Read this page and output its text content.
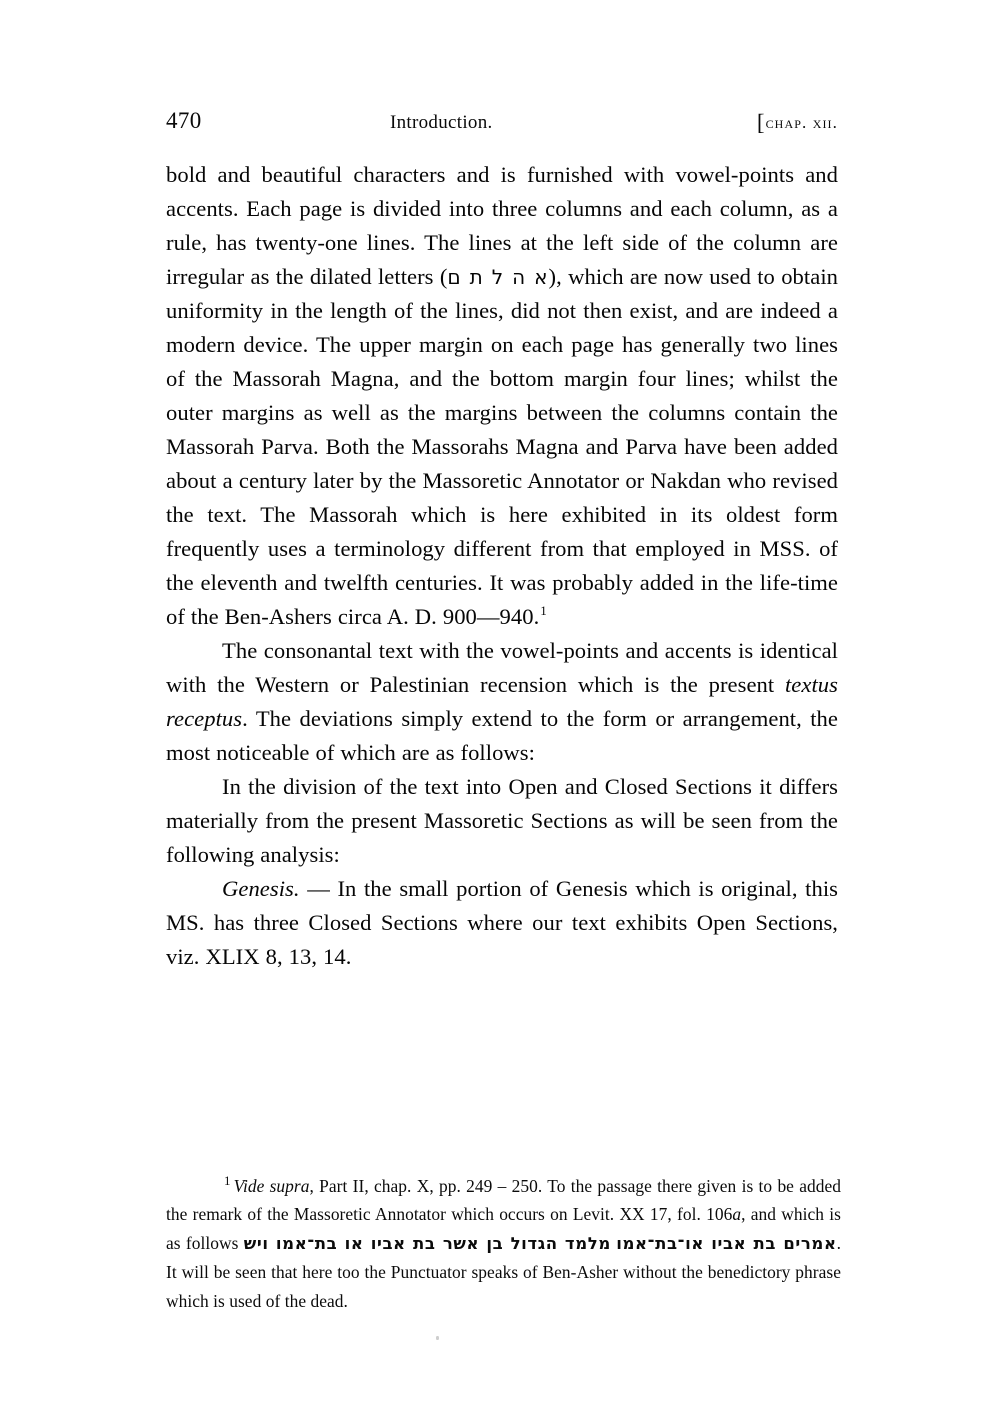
470	Introduction.	[chap. xii.

bold and beautiful characters and is furnished with vowel-points and accents. Each page is divided into three columns and each column, as a rule, has twenty-one lines. The lines at the left side of the column are irregular as the dilated letters (א ה ל ת ם), which are now used to obtain uniformity in the length of the lines, did not then exist, and are indeed a modern device. The upper margin on each page has generally two lines of the Massorah Magna, and the bottom margin four lines; whilst the outer margins as well as the margins between the columns contain the Massorah Parva. Both the Massorahs Magna and Parva have been added about a century later by the Massoretic Annotator or Nakdan who revised the text. The Massorah which is here exhibited in its oldest form frequently uses a terminology different from that employed in MSS. of the eleventh and twelfth centuries. It was probably added in the life-time of the Ben-Ashers circa A. D. 900—940.$^1$

The consonantal text with the vowel-points and accents is identical with the Western or Palestinian recension which is the present textus receptus. The deviations simply extend to the form or arrangement, the most noticeable of which are as follows:

In the division of the text into Open and Closed Sections it differs materially from the present Massoretic Sections as will be seen from the following analysis:

Genesis. — In the small portion of Genesis which is original, this MS. has three Closed Sections where our text exhibits Open Sections, viz. XLIX 8, 13, 14.

$^1$ Vide supra, Part II, chap. X, pp. 249 – 250. To the passage there given is to be added the remark of the Massoretic Annotator which occurs on Levit. XX 17, fol. 106a, and which is as follows מלמד הגדול בן אשר בת אביו או בת־אמו ויש אמרים בת אביו או־בת־אמו. It will be seen that here too the Punctuator speaks of Ben-Asher without the benedictory phrase which is used of the dead.
